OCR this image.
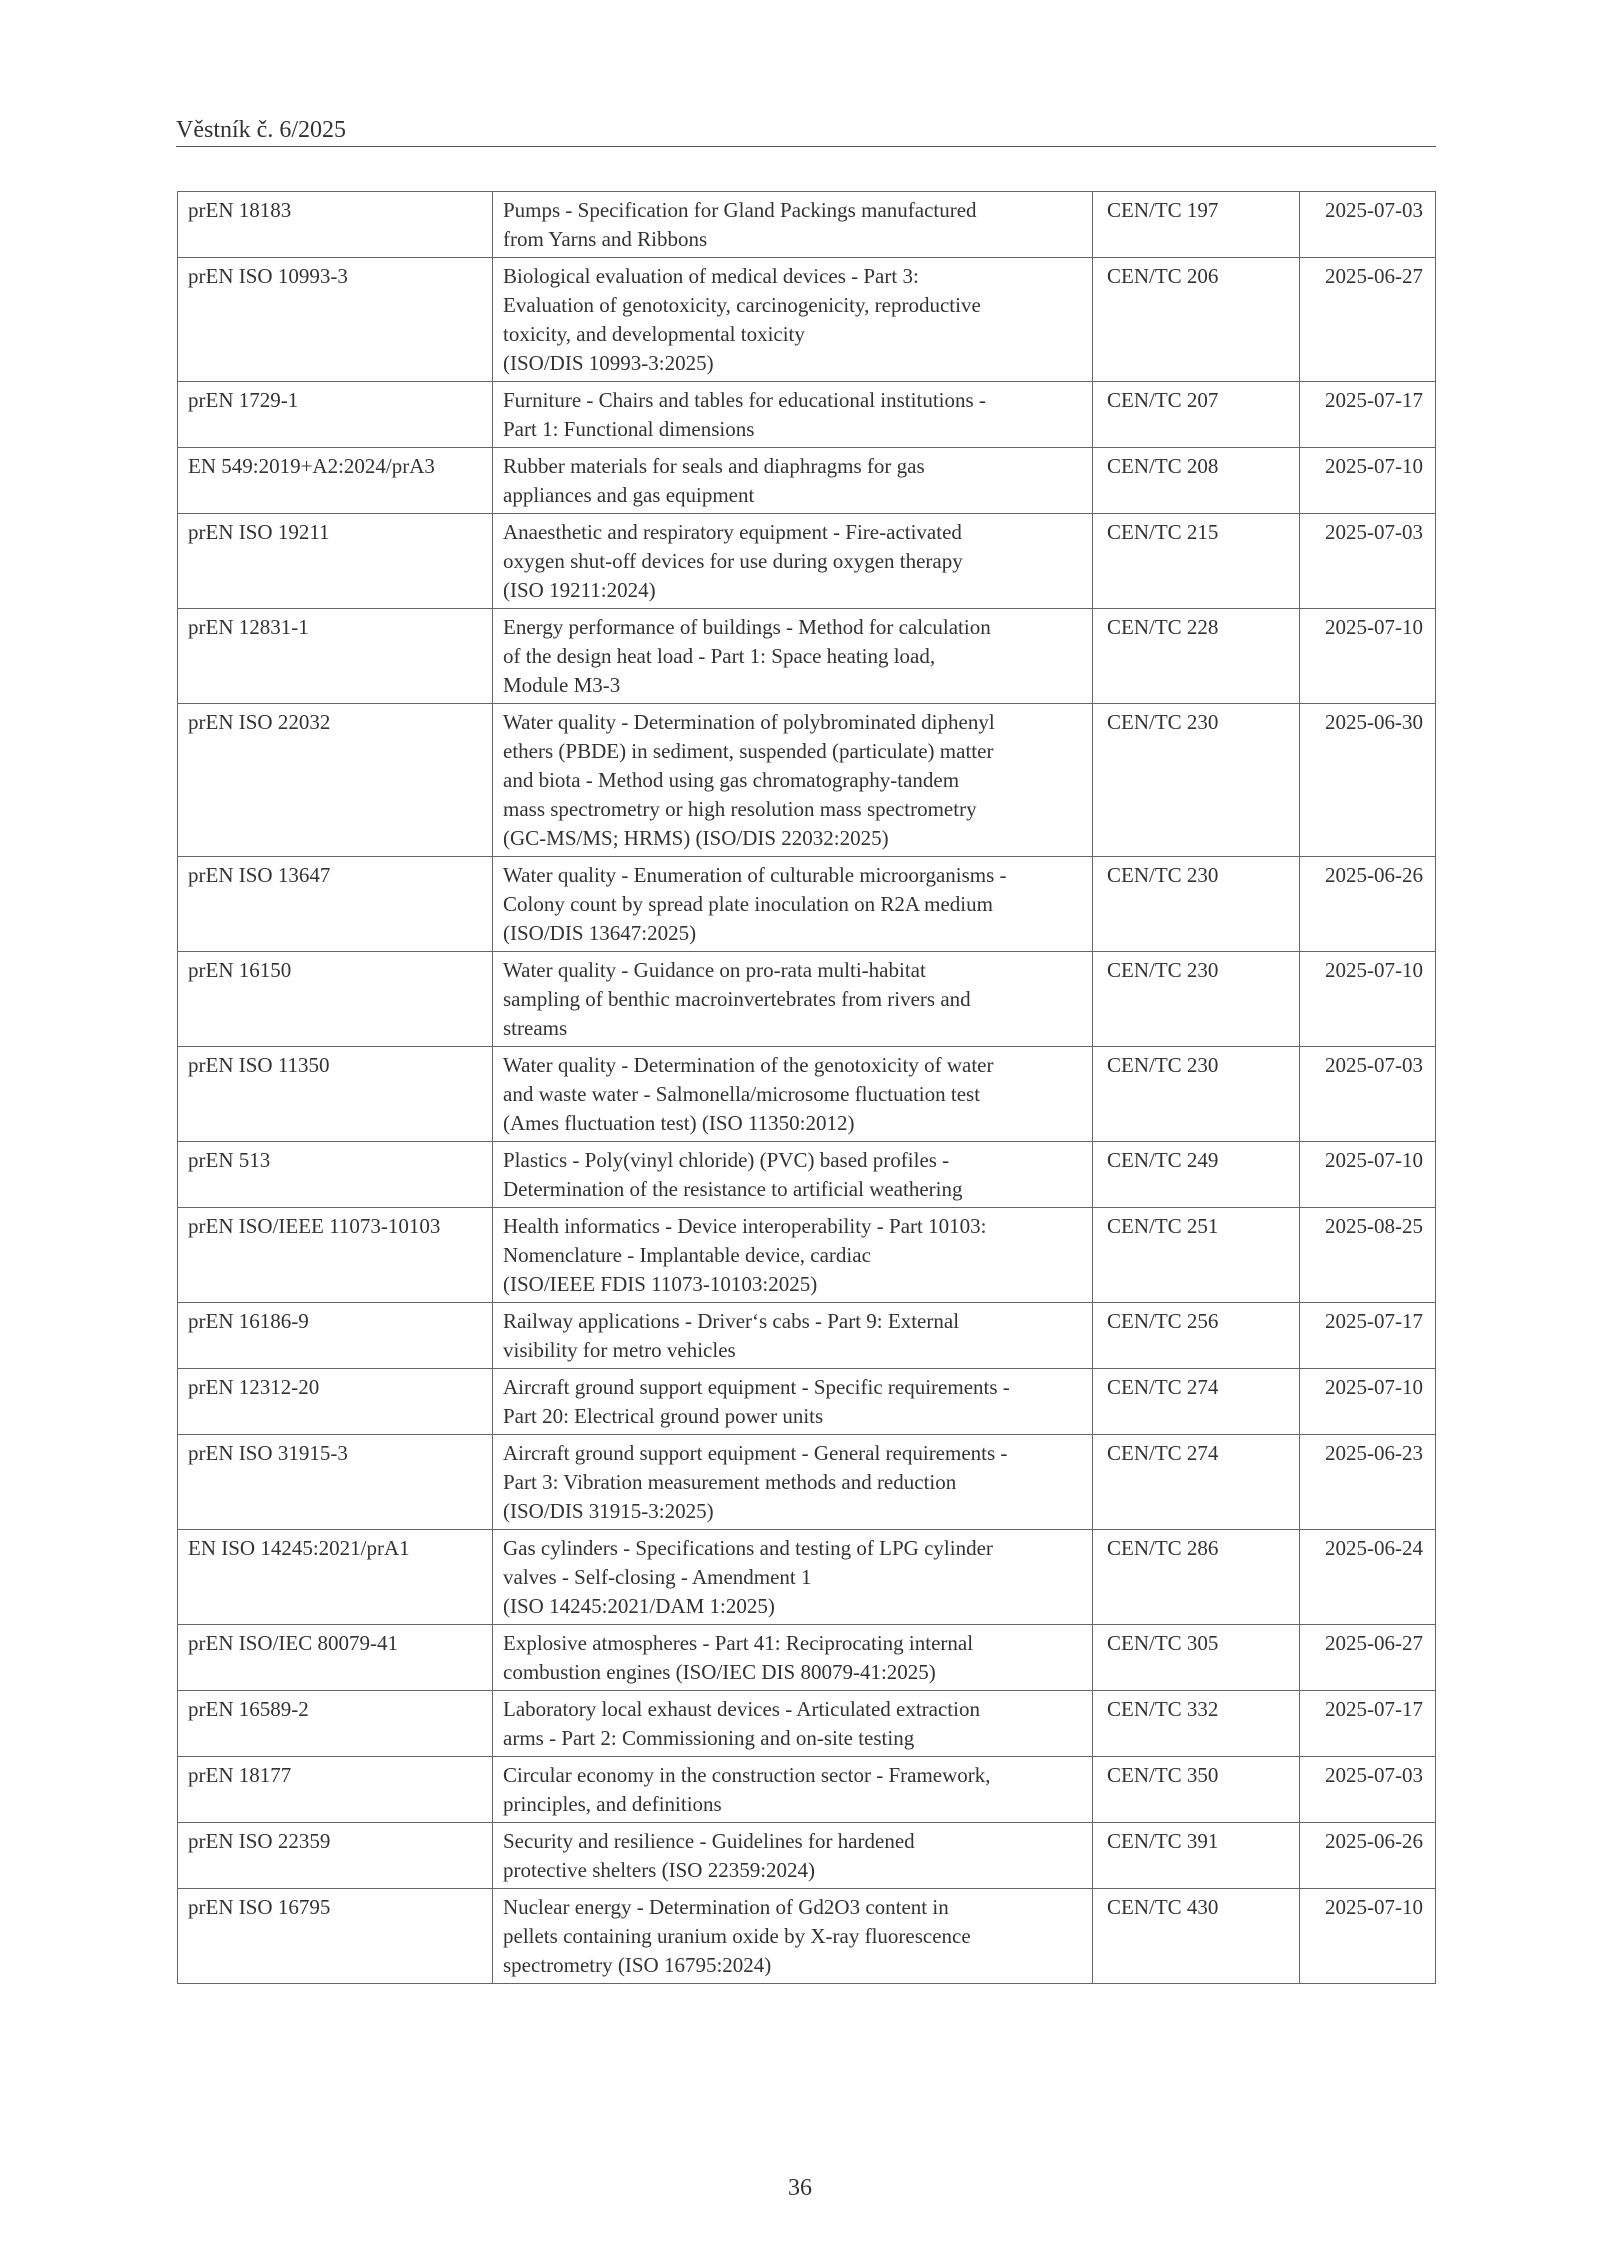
Věstník č. 6/2025
prEN 18183	Pumps - Specification for Gland Packings manufactured
from Yarns and Ribbons	CEN/TC 197	2025-07-03
prEN ISO 10993-3	Biological evaluation of medical devices - Part 3:
Evaluation of genotoxicity, carcinogenicity, reproductive
toxicity, and developmental toxicity
(ISO/DIS 10993-3:2025)	CEN/TC 206	2025-06-27
prEN 1729-1	Furniture - Chairs and tables for educational institutions -
Part 1: Functional dimensions	CEN/TC 207	2025-07-17
EN 549:2019+A2:2024/prA3	Rubber materials for seals and diaphragms for gas
appliances and gas equipment	CEN/TC 208	2025-07-10
prEN ISO 19211	Anaesthetic and respiratory equipment - Fire-activated
oxygen shut-off devices for use during oxygen therapy
(ISO 19211:2024)	CEN/TC 215	2025-07-03
prEN 12831-1	Energy performance of buildings - Method for calculation
of the design heat load - Part 1: Space heating load,
Module M3-3	CEN/TC 228	2025-07-10
prEN ISO 22032	Water quality - Determination of polybrominated diphenyl
ethers (PBDE) in sediment, suspended (particulate) matter
and biota - Method using gas chromatography-tandem
mass spectrometry or high resolution mass spectrometry
(GC-MS/MS; HRMS) (ISO/DIS 22032:2025)	CEN/TC 230	2025-06-30
prEN ISO 13647	Water quality - Enumeration of culturable microorganisms -
Colony count by spread plate inoculation on R2A medium
(ISO/DIS 13647:2025)	CEN/TC 230	2025-06-26
prEN 16150	Water quality - Guidance on pro-rata multi-habitat
sampling of benthic macroinvertebrates from rivers and
streams	CEN/TC 230	2025-07-10
prEN ISO 11350	Water quality - Determination of the genotoxicity of water
and waste water - Salmonella/microsome fluctuation test
(Ames fluctuation test) (ISO 11350:2012)	CEN/TC 230	2025-07-03
prEN 513	Plastics - Poly(vinyl chloride) (PVC) based profiles -
Determination of the resistance to artificial weathering	CEN/TC 249	2025-07-10
prEN ISO/IEEE 11073-10103	Health informatics - Device interoperability - Part 10103:
Nomenclature - Implantable device, cardiac
(ISO/IEEE FDIS 11073-10103:2025)	CEN/TC 251	2025-08-25
prEN 16186-9	Railway applications - Driver‘s cabs - Part 9: External
visibility for metro vehicles	CEN/TC 256	2025-07-17
prEN 12312-20	Aircraft ground support equipment - Specific requirements -
Part 20: Electrical ground power units	CEN/TC 274	2025-07-10
prEN ISO 31915-3	Aircraft ground support equipment - General requirements -
Part 3: Vibration measurement methods and reduction
(ISO/DIS 31915-3:2025)	CEN/TC 274	2025-06-23
EN ISO 14245:2021/prA1	Gas cylinders - Specifications and testing of LPG cylinder
valves - Self-closing - Amendment 1
(ISO 14245:2021/DAM 1:2025)	CEN/TC 286	2025-06-24
prEN ISO/IEC 80079-41	Explosive atmospheres - Part 41: Reciprocating internal
combustion engines (ISO/IEC DIS 80079-41:2025)	CEN/TC 305	2025-06-27
prEN 16589-2	Laboratory local exhaust devices - Articulated extraction
arms - Part 2: Commissioning and on-site testing	CEN/TC 332	2025-07-17
prEN 18177	Circular economy in the construction sector - Framework,
principles, and definitions	CEN/TC 350	2025-07-03
prEN ISO 22359	Security and resilience - Guidelines for hardened
protective shelters (ISO 22359:2024)	CEN/TC 391	2025-06-26
prEN ISO 16795	Nuclear energy - Determination of Gd2O3 content in
pellets containing uranium oxide by X-ray fluorescence
spectrometry (ISO 16795:2024)	CEN/TC 430	2025-07-10
36
